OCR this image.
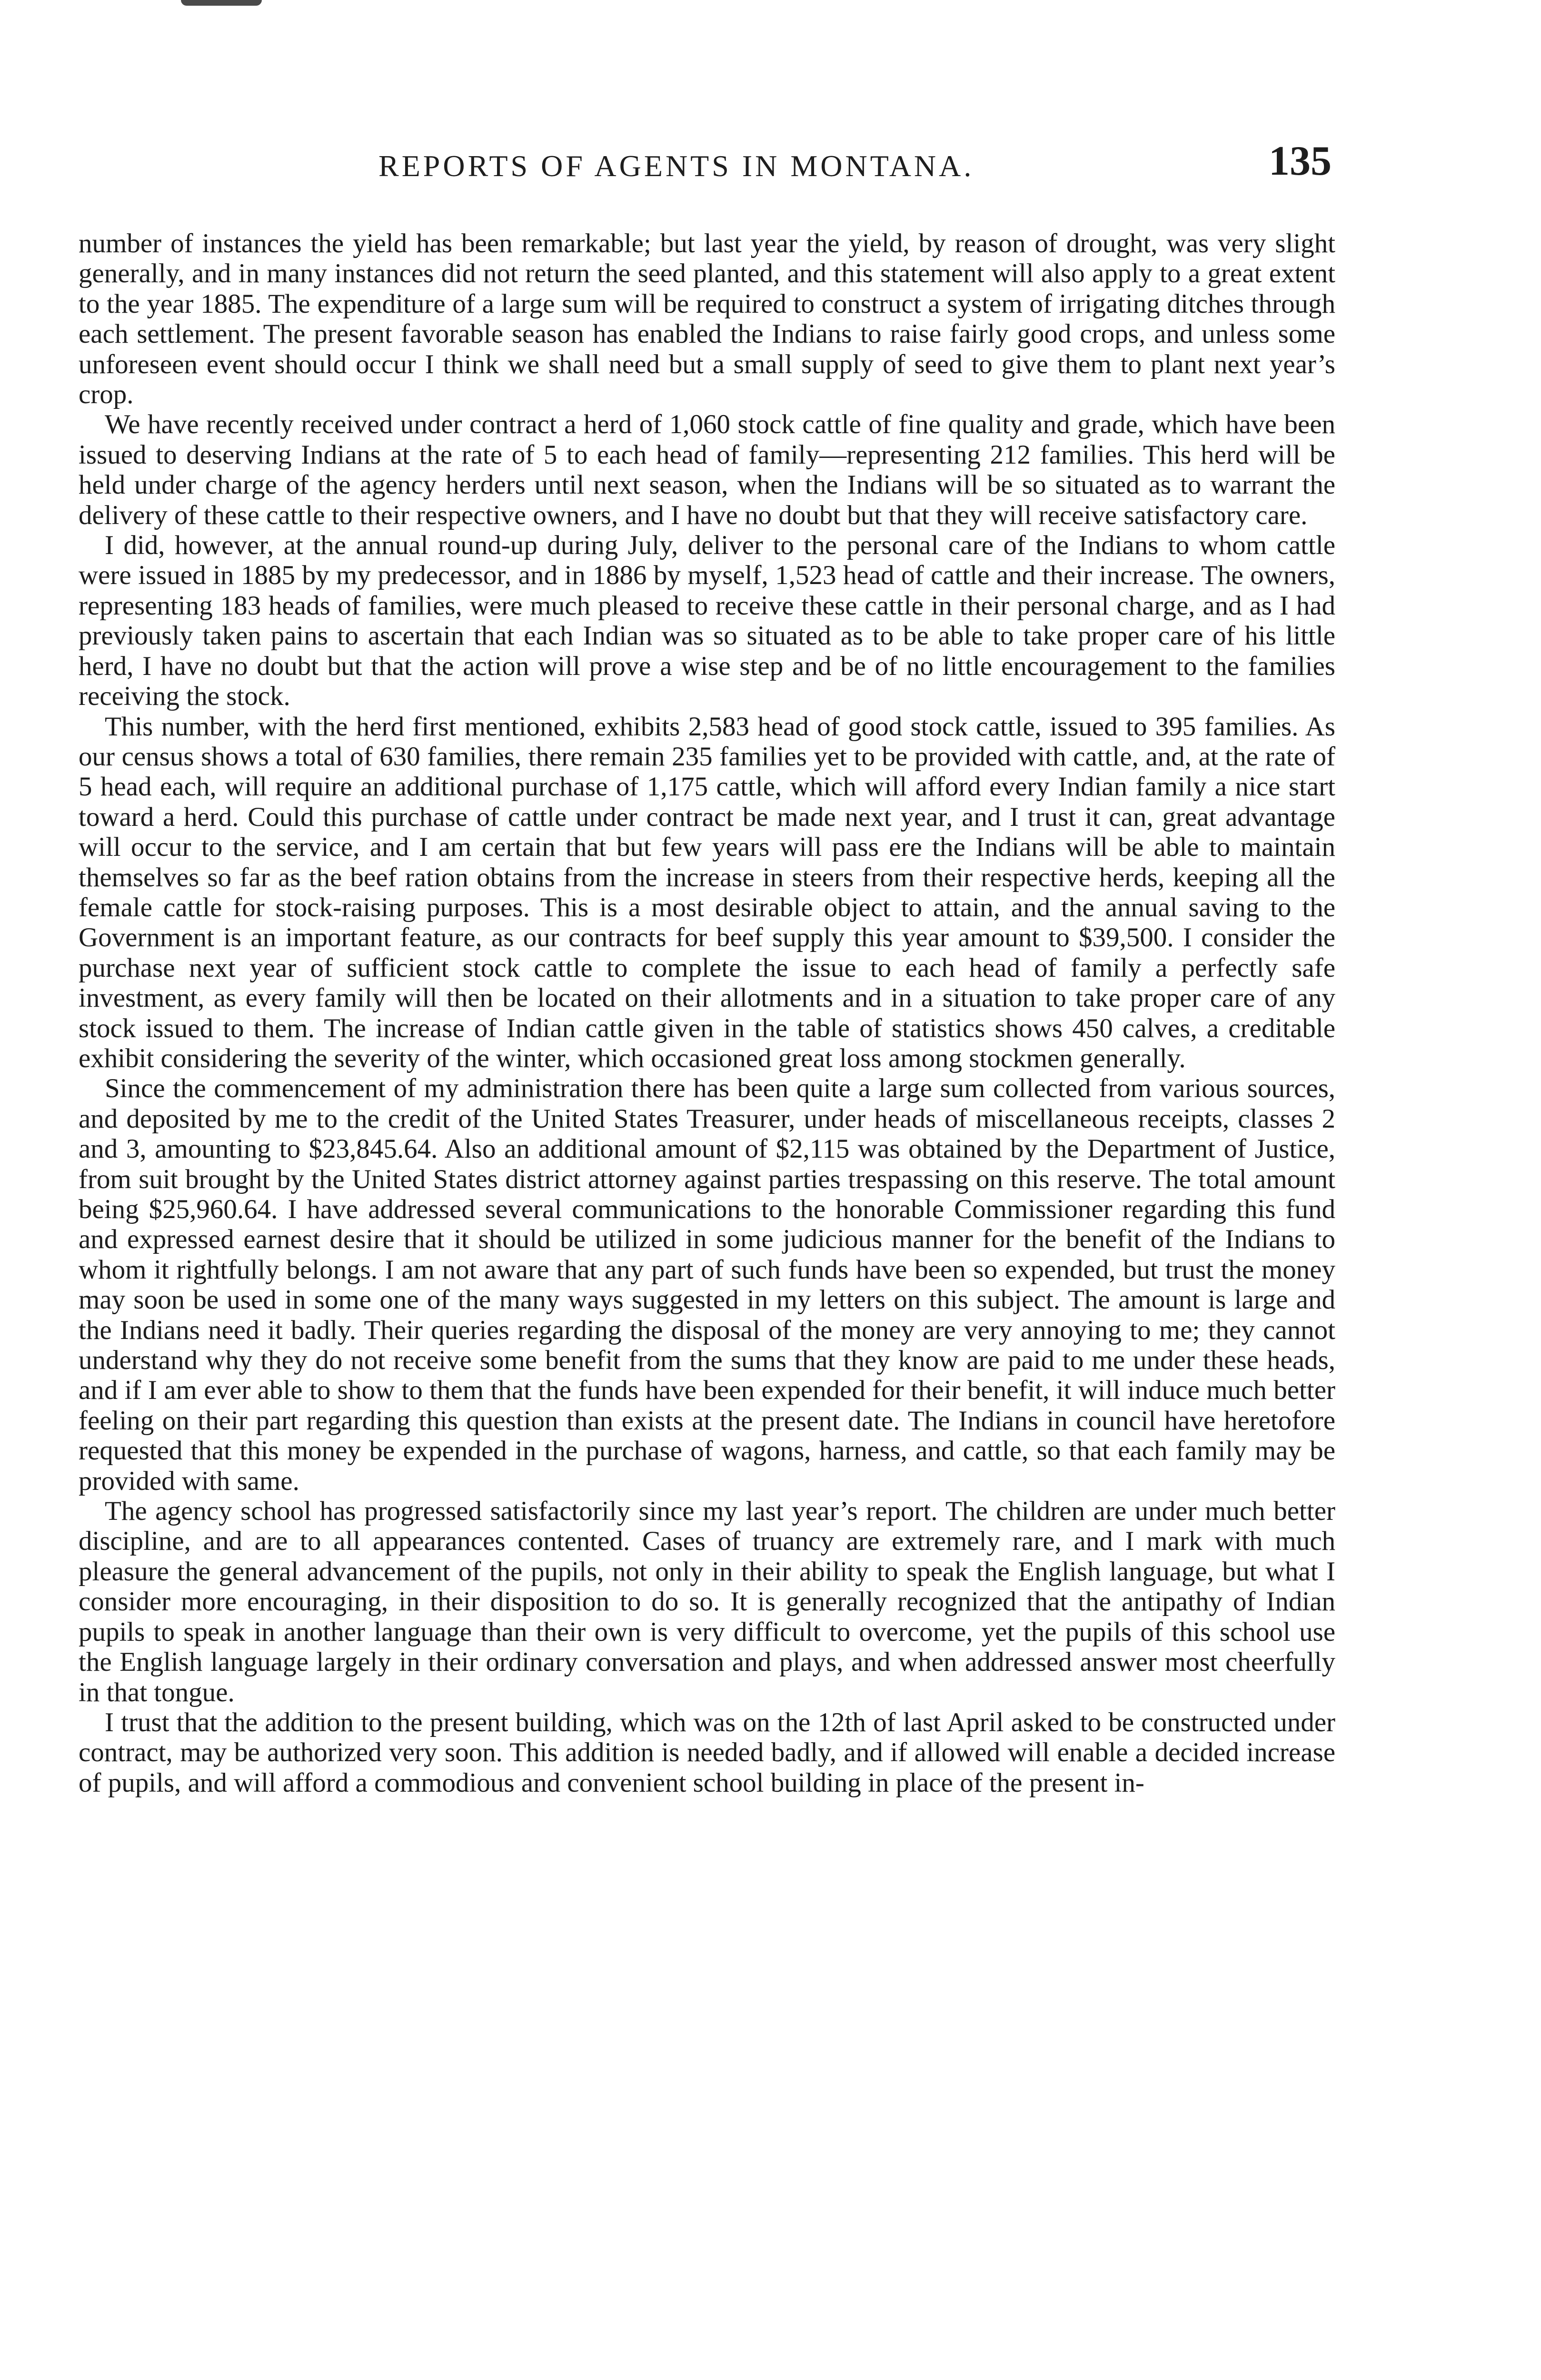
REPORTS OF AGENTS IN MONTANA.	135

number of instances the yield has been remarkable; but last year the yield, by reason of drought, was very slight generally, and in many instances did not return the seed planted, and this statement will also apply to a great extent to the year 1885. The expenditure of a large sum will be required to construct a system of irrigating ditches through each settlement. The present favorable season has enabled the Indians to raise fairly good crops, and unless some unforeseen event should occur I think we shall need but a small supply of seed to give them to plant next year’s crop.

We have recently received under contract a herd of 1,060 stock cattle of fine quality and grade, which have been issued to deserving Indians at the rate of 5 to each head of family—representing 212 families. This herd will be held under charge of the agency herders until next season, when the Indians will be so situated as to warrant the delivery of these cattle to their respective owners, and I have no doubt but that they will receive satisfactory care.

I did, however, at the annual round-up during July, deliver to the personal care of the Indians to whom cattle were issued in 1885 by my predecessor, and in 1886 by myself, 1,523 head of cattle and their increase. The owners, representing 183 heads of families, were much pleased to receive these cattle in their personal charge, and as I had previously taken pains to ascertain that each Indian was so situated as to be able to take proper care of his little herd, I have no doubt but that the action will prove a wise step and be of no little encouragement to the families receiving the stock.

This number, with the herd first mentioned, exhibits 2,583 head of good stock cattle, issued to 395 families. As our census shows a total of 630 families, there remain 235 families yet to be provided with cattle, and, at the rate of 5 head each, will require an additional purchase of 1,175 cattle, which will afford every Indian family a nice start toward a herd. Could this purchase of cattle under contract be made next year, and I trust it can, great advantage will occur to the service, and I am certain that but few years will pass ere the Indians will be able to maintain themselves so far as the beef ration obtains from the increase in steers from their respective herds, keeping all the female cattle for stock-raising purposes. This is a most desirable object to attain, and the annual saving to the Government is an important feature, as our contracts for beef supply this year amount to $39,500. I consider the purchase next year of sufficient stock cattle to complete the issue to each head of family a perfectly safe investment, as every family will then be located on their allotments and in a situation to take proper care of any stock issued to them. The increase of Indian cattle given in the table of statistics shows 450 calves, a creditable exhibit considering the severity of the winter, which occasioned great loss among stockmen generally.

Since the commencement of my administration there has been quite a large sum collected from various sources, and deposited by me to the credit of the United States Treasurer, under heads of miscellaneous receipts, classes 2 and 3, amounting to $23,845.64. Also an additional amount of $2,115 was obtained by the Department of Justice, from suit brought by the United States district attorney against parties trespassing on this reserve. The total amount being $25,960.64. I have addressed several communications to the honorable Commissioner regarding this fund and expressed earnest desire that it should be utilized in some judicious manner for the benefit of the Indians to whom it rightfully belongs. I am not aware that any part of such funds have been so expended, but trust the money may soon be used in some one of the many ways suggested in my letters on this subject. The amount is large and the Indians need it badly. Their queries regarding the disposal of the money are very annoying to me; they cannot understand why they do not receive some benefit from the sums that they know are paid to me under these heads, and if I am ever able to show to them that the funds have been expended for their benefit, it will induce much better feeling on their part regarding this question than exists at the present date. The Indians in council have heretofore requested that this money be expended in the purchase of wagons, harness, and cattle, so that each family may be provided with same.

The agency school has progressed satisfactorily since my last year’s report. The children are under much better discipline, and are to all appearances contented. Cases of truancy are extremely rare, and I mark with much pleasure the general advancement of the pupils, not only in their ability to speak the English language, but what I consider more encouraging, in their disposition to do so. It is generally recognized that the antipathy of Indian pupils to speak in another language than their own is very difficult to overcome, yet the pupils of this school use the English language largely in their ordinary conversation and plays, and when addressed answer most cheerfully in that tongue.

I trust that the addition to the present building, which was on the 12th of last April asked to be constructed under contract, may be authorized very soon. This addition is needed badly, and if allowed will enable a decided increase of pupils, and will afford a commodious and convenient school building in place of the present in-
